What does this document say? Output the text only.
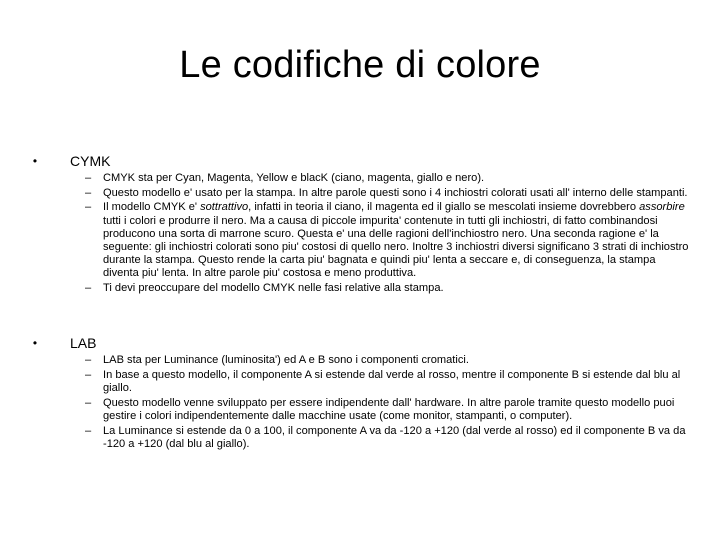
Le codifiche di colore
• CYMK
– CMYK sta per Cyan, Magenta, Yellow e blacK (ciano, magenta, giallo e nero).
– Questo modello e' usato per la stampa. In altre parole questi sono i 4 inchiostri colorati usati all' interno delle stampanti.
– Il modello CMYK e' sottrattivo, infatti in teoria il ciano, il magenta ed il giallo se mescolati insieme dovrebbero assorbire tutti i colori e produrre il nero. Ma a causa di piccole impurita' contenute in tutti gli inchiostri, di fatto combinandosi producono una sorta di marrone scuro. Questa e' una delle ragioni dell'inchiostro nero. Una seconda ragione e' la seguente: gli inchiostri colorati sono piu' costosi di quello nero. Inoltre 3 inchiostri diversi significano 3 strati di inchiostro durante la stampa. Questo rende la carta piu' bagnata e quindi piu' lenta a seccare e, di conseguenza, la stampa diventa piu' lenta. In altre parole piu' costosa e meno produttiva.
– Ti devi preoccupare del modello CMYK nelle fasi relative alla stampa.
• LAB
– LAB sta per Luminance (luminosita') ed A e B sono i componenti cromatici.
– In base a questo modello, il componente A si estende dal verde al rosso, mentre il componente B si estende dal blu al giallo.
– Questo modello venne sviluppato per essere indipendente dall' hardware. In altre parole tramite questo modello puoi gestire i colori indipendentemente dalle macchine usate (come monitor, stampanti, o computer).
– La Luminance si estende da 0 a 100, il componente A va da -120 a +120 (dal verde al rosso) ed il componente B va da -120 a +120 (dal blu al giallo).
